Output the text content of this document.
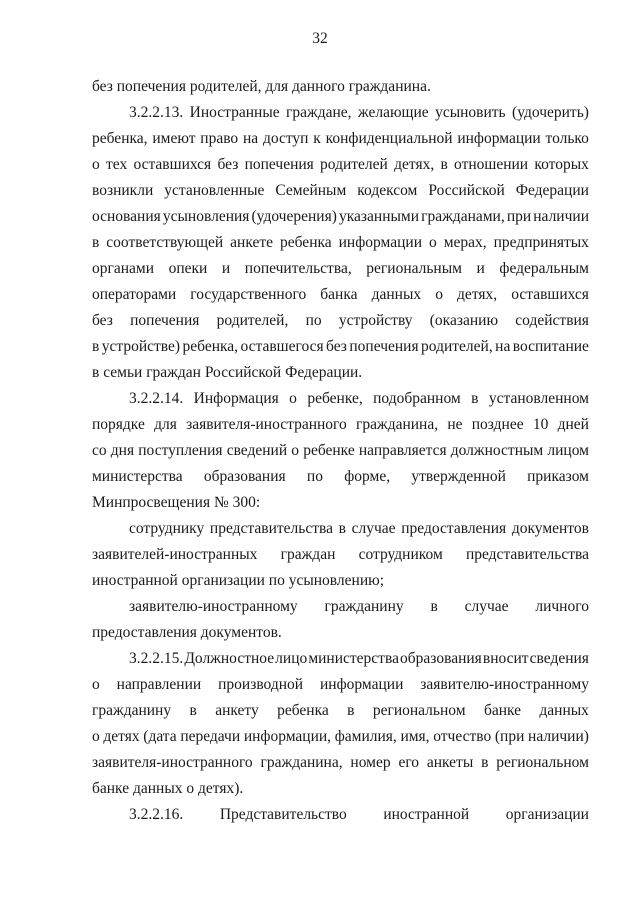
32
без попечения родителей, для данного гражданина.
3.2.2.13. Иностранные граждане, желающие усыновить (удочерить)
ребенка, имеют право на доступ к конфиденциальной информации только
о тех оставшихся без попечения родителей детях, в отношении которых
возникли установленные Семейным кодексом Российской Федерации
основания усыновления (удочерения) указанными гражданами, при наличии
в соответствующей анкете ребенка информации о мерах, предпринятых
органами опеки и попечительства, региональным и федеральным
операторами государственного банка данных о детях, оставшихся
без попечения родителей, по устройству (оказанию содействия
в устройстве) ребенка, оставшегося без попечения родителей, на воспитание
в семьи граждан Российской Федерации.
3.2.2.14. Информация о ребенке, подобранном в установленном
порядке для заявителя-иностранного гражданина, не позднее 10 дней
со дня поступления сведений о ребенке направляется должностным лицом
министерства образования по форме, утвержденной приказом
Минпросвещения № 300:
сотруднику представительства в случае предоставления документов
заявителей-иностранных граждан сотрудником представительства
иностранной организации по усыновлению;
заявителю-иностранному гражданину в случае личного
предоставления документов.
3.2.2.15. Должностное лицо министерства образования вносит сведения
о направлении производной информации заявителю-иностранному
гражданину в анкету ребенка в региональном банке данных
о детях (дата передачи информации, фамилия, имя, отчество (при наличии)
заявителя-иностранного гражданина, номер его анкеты в региональном
банке данных о детях).
3.2.2.16. Представительство иностранной организации
